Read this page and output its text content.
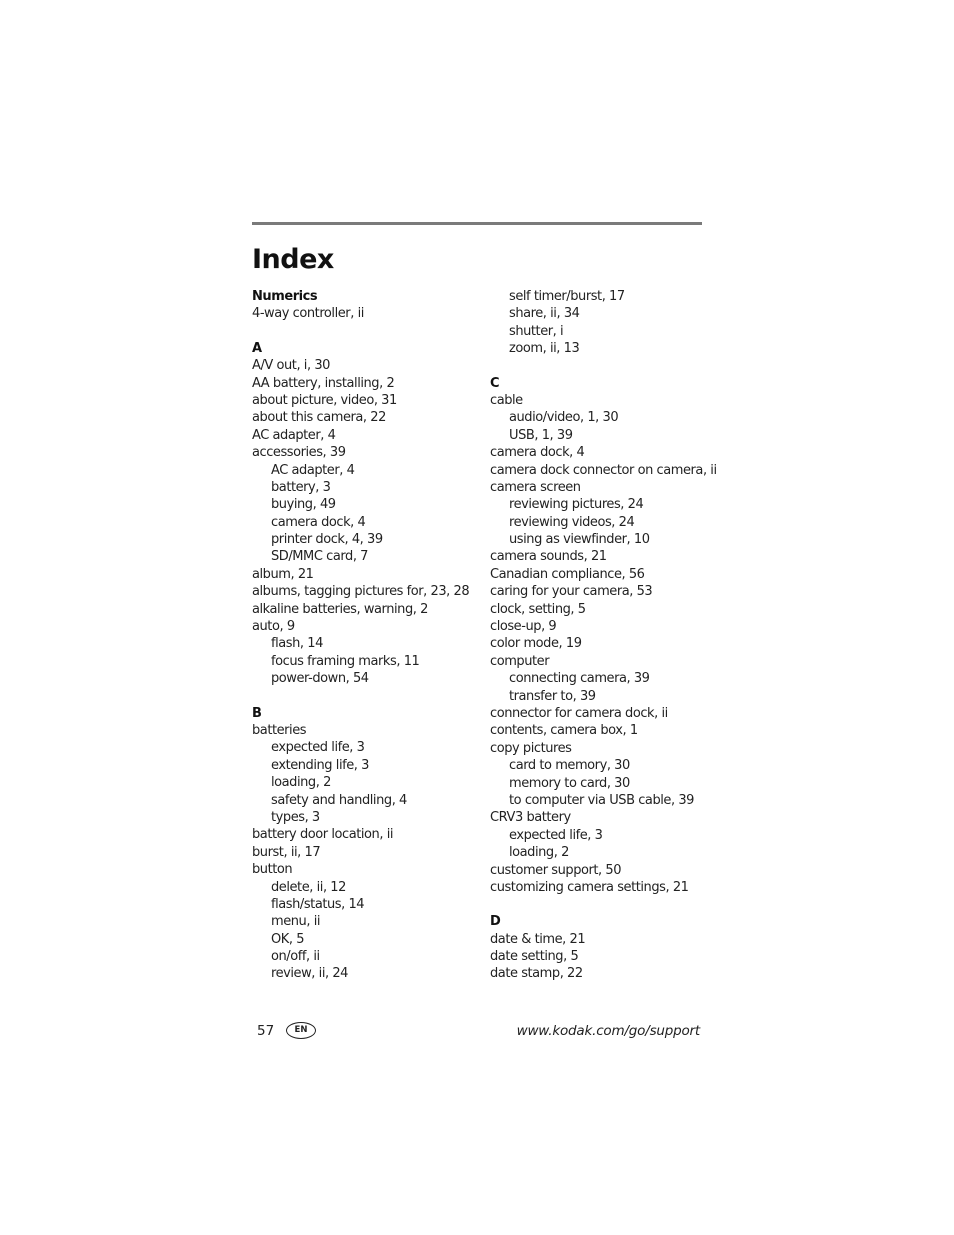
Index
Numerics
4-way controller, ii
A
A/V out, i, 30
AA battery, installing, 2
about picture, video, 31
about this camera, 22
AC adapter, 4
accessories, 39
AC adapter, 4
battery, 3
buying, 49
camera dock, 4
printer dock, 4, 39
SD/MMC card, 7
album, 21
albums, tagging pictures for, 23, 28
alkaline batteries, warning, 2
auto, 9
flash, 14
focus framing marks, 11
power-down, 54
B
batteries
expected life, 3
extending life, 3
loading, 2
safety and handling, 4
types, 3
battery door location, ii
burst, ii, 17
button
delete, ii, 12
flash/status, 14
menu, ii
OK, 5
on/off, ii
review, ii, 24
self timer/burst, 17
share, ii, 34
shutter, i
zoom, ii, 13
C
cable
audio/video, 1, 30
USB, 1, 39
camera dock, 4
camera dock connector on camera, ii
camera screen
reviewing pictures, 24
reviewing videos, 24
using as viewfinder, 10
camera sounds, 21
Canadian compliance, 56
caring for your camera, 53
clock, setting, 5
close-up, 9
color mode, 19
computer
connecting camera, 39
transfer to, 39
connector for camera dock, ii
contents, camera box, 1
copy pictures
card to memory, 30
memory to card, 30
to computer via USB cable, 39
CRV3 battery
expected life, 3
loading, 2
customer support, 50
customizing camera settings, 21
D
date & time, 21
date setting, 5
date stamp, 22
57	EN	www.kodak.com/go/support
